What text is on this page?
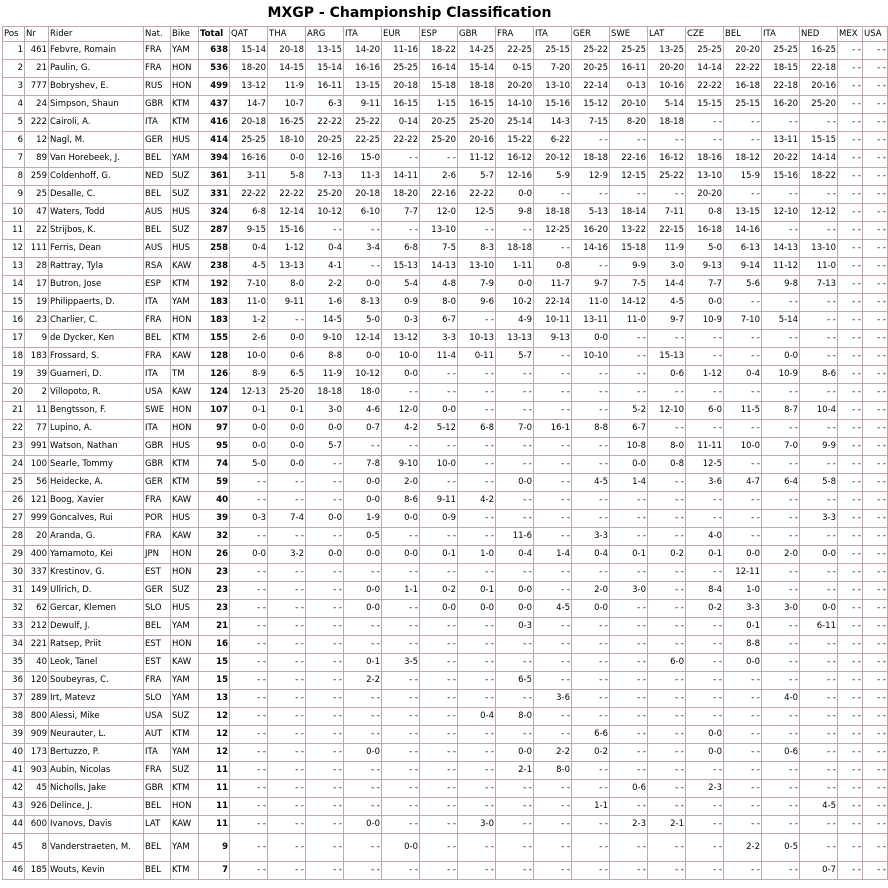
MXGP - Championship Classification
Pos	Nr	Rider	Nat.	Bike	Total	QAT	THA	ARG	ITA	EUR	ESP	GBR	FRA	ITA	GER	SWE	LAT	CZE	BEL	ITA	NED	MEX	USA
1	461	Febvre, Romain	FRA	YAM	638	15-14	20-18	13-15	14-20	11-16	18-22	14-25	22-25	25-15	25-22	25-25	13-25	25-25	20-20	25-25	16-25	- -	- -
2	21	Paulin, G.	FRA	HON	536	18-20	14-15	15-14	16-16	25-25	16-14	15-14	0-15	7-20	20-25	16-11	20-20	14-14	22-22	18-15	22-18	- -	- -
3	777	Bobryshev, E.	RUS	HON	499	13-12	11-9	16-11	13-15	20-18	15-18	18-18	20-20	13-10	22-14	0-13	10-16	22-22	16-18	22-18	20-16	- -	- -
4	24	Simpson, Shaun	GBR	KTM	437	14-7	10-7	6-3	9-11	16-15	1-15	16-15	14-10	15-16	15-12	20-10	5-14	15-15	25-15	16-20	25-20	- -	- -
5	222	Cairoli, A.	ITA	KTM	416	20-18	16-25	22-22	25-22	0-14	20-25	25-20	25-14	14-3	7-15	8-20	18-18	- -	- -	- -	- -	- -	- -
6	12	Nagl, M.	GER	HUS	414	25-25	18-10	20-25	22-25	22-22	25-20	20-16	15-22	6-22	- -	- -	- -	- -	- -	13-11	15-15	- -	- -
7	89	Van Horebeek, J.	BEL	YAM	394	16-16	0-0	12-16	15-0	- -	- -	11-12	16-12	20-12	18-18	22-16	16-12	18-16	18-12	20-22	14-14	- -	- -
8	259	Coldenhoff, G.	NED	SUZ	361	3-11	5-8	7-13	11-3	14-11	2-6	5-7	12-16	5-9	12-9	12-15	25-22	13-10	15-9	15-16	18-22	- -	- -
9	25	Desalle, C.	BEL	SUZ	331	22-22	22-22	25-20	20-18	18-20	22-16	22-22	0-0	- -	- -	- -	- -	20-20	- -	- -	- -	- -	- -
10	47	Waters, Todd	AUS	HUS	324	6-8	12-14	10-12	6-10	7-7	12-0	12-5	9-8	18-18	5-13	18-14	7-11	0-8	13-15	12-10	12-12	- -	- -
11	22	Strijbos, K.	BEL	SUZ	287	9-15	15-16	- -	- -	- -	13-10	- -	- -	12-25	16-20	13-22	22-15	16-18	14-16	- -	- -	- -	- -
12	111	Ferris, Dean	AUS	HUS	258	0-4	1-12	0-4	3-4	6-8	7-5	8-3	18-18	- -	14-16	15-18	11-9	5-0	6-13	14-13	13-10	- -	- -
13	28	Rattray, Tyla	RSA	KAW	238	4-5	13-13	4-1	- -	15-13	14-13	13-10	1-11	0-8	- -	9-9	3-0	9-13	9-14	11-12	11-0	- -	- -
14	17	Butron, Jose	ESP	KTM	192	7-10	8-0	2-2	0-0	5-4	4-8	7-9	0-0	11-7	9-7	7-5	14-4	7-7	5-6	9-8	7-13	- -	- -
15	19	Philippaerts, D.	ITA	YAM	183	11-0	9-11	1-6	8-13	0-9	8-0	9-6	10-2	22-14	11-0	14-12	4-5	0-0	- -	- -	- -	- -	- -
16	23	Charlier, C.	FRA	HON	183	1-2	- -	14-5	5-0	0-3	6-7	- -	4-9	10-11	13-11	11-0	9-7	10-9	7-10	5-14	- -	- -	- -
17	9	de Dycker, Ken	BEL	KTM	155	2-6	0-0	9-10	12-14	13-12	3-3	10-13	13-13	9-13	0-0	- -	- -	- -	- -	- -	- -	- -	- -
18	183	Frossard, S.	FRA	KAW	128	10-0	0-6	8-8	0-0	10-0	11-4	0-11	5-7	- -	10-10	- -	15-13	- -	- -	0-0	- -	- -	- -
19	39	Guarneri, D.	ITA	TM	126	8-9	6-5	11-9	10-12	0-0	- -	- -	- -	- -	- -	- -	0-6	1-12	0-4	10-9	8-6	- -	- -
20	2	Villopoto, R.	USA	KAW	124	12-13	25-20	18-18	18-0	- -	- -	- -	- -	- -	- -	- -	- -	- -	- -	- -	- -	- -	- -
21	11	Bengtsson, F.	SWE	HON	107	0-1	0-1	3-0	4-6	12-0	0-0	- -	- -	- -	- -	5-2	12-10	6-0	11-5	8-7	10-4	- -	- -
22	77	Lupino, A.	ITA	HON	97	0-0	0-0	0-0	0-7	4-2	5-12	6-8	7-0	16-1	8-8	6-7	- -	- -	- -	- -	- -	- -	- -
23	991	Watson, Nathan	GBR	HUS	95	0-0	0-0	5-7	- -	- -	- -	- -	- -	- -	- -	10-8	8-0	11-11	10-0	7-0	9-9	- -	- -
24	100	Searle, Tommy	GBR	KTM	74	5-0	0-0	- -	7-8	9-10	10-0	- -	- -	- -	- -	0-0	0-8	12-5	- -	- -	- -	- -	- -
25	56	Heidecke, A.	GER	KTM	59	- -	- -	- -	0-0	2-0	- -	- -	0-0	- -	4-5	1-4	- -	3-6	4-7	6-4	5-8	- -	- -
26	121	Boog, Xavier	FRA	KAW	40	- -	- -	- -	0-0	8-6	9-11	4-2	- -	- -	- -	- -	- -	- -	- -	- -	- -	- -	- -
27	999	Goncalves, Rui	POR	HUS	39	0-3	7-4	0-0	1-9	0-0	0-9	- -	- -	- -	- -	- -	- -	- -	- -	- -	3-3	- -	- -
28	20	Aranda, G.	FRA	KAW	32	- -	- -	- -	0-5	- -	- -	- -	11-6	- -	3-3	- -	- -	4-0	- -	- -	- -	- -	- -
29	400	Yamamoto, Kei	JPN	HON	26	0-0	3-2	0-0	0-0	0-0	0-1	1-0	0-4	1-4	0-4	0-1	0-2	0-1	0-0	2-0	0-0	- -	- -
30	337	Krestinov, G.	EST	HON	23	- -	- -	- -	- -	- -	- -	- -	- -	- -	- -	- -	- -	- -	12-11	- -	- -	- -	- -
31	149	Ullrich, D.	GER	SUZ	23	- -	- -	- -	0-0	1-1	0-2	0-1	0-0	- -	2-0	3-0	- -	8-4	1-0	- -	- -	- -	- -
32	62	Gercar, Klemen	SLO	HUS	23	- -	- -	- -	0-0	- -	0-0	0-0	0-0	4-5	0-0	- -	- -	0-2	3-3	3-0	0-0	- -	- -
33	212	Dewulf, J.	BEL	YAM	21	- -	- -	- -	- -	- -	- -	- -	0-3	- -	- -	- -	- -	- -	0-1	- -	6-11	- -	- -
34	221	Ratsep, Priit	EST	HON	16	- -	- -	- -	- -	- -	- -	- -	- -	- -	- -	- -	- -	- -	8-8	- -	- -	- -	- -
35	40	Leok, Tanel	EST	KAW	15	- -	- -	- -	0-1	3-5	- -	- -	- -	- -	- -	- -	6-0	- -	0-0	- -	- -	- -	- -
36	120	Soubeyras, C.	FRA	YAM	15	- -	- -	- -	2-2	- -	- -	- -	6-5	- -	- -	- -	- -	- -	- -	- -	- -	- -	- -
37	289	Irt, Matevz	SLO	YAM	13	- -	- -	- -	- -	- -	- -	- -	- -	3-6	- -	- -	- -	- -	- -	4-0	- -	- -	- -
38	800	Alessi, Mike	USA	SUZ	12	- -	- -	- -	- -	- -	- -	0-4	8-0	- -	- -	- -	- -	- -	- -	- -	- -	- -	- -
39	909	Neurauter, L.	AUT	KTM	12	- -	- -	- -	- -	- -	- -	- -	- -	- -	6-6	- -	- -	0-0	- -	- -	- -	- -	- -
40	173	Bertuzzo, P.	ITA	YAM	12	- -	- -	- -	0-0	- -	- -	- -	0-0	2-2	0-2	- -	- -	0-0	- -	0-6	- -	- -	- -
41	903	Aubin, Nicolas	FRA	SUZ	11	- -	- -	- -	- -	- -	- -	- -	2-1	8-0	- -	- -	- -	- -	- -	- -	- -	- -	- -
42	45	Nicholls, Jake	GBR	KTM	11	- -	- -	- -	- -	- -	- -	- -	- -	- -	- -	0-6	- -	2-3	- -	- -	- -	- -	- -
43	926	Delince, J.	BEL	HON	11	- -	- -	- -	- -	- -	- -	- -	- -	- -	1-1	- -	- -	- -	- -	- -	4-5	- -	- -
44	600	Ivanovs, Davis	LAT	KAW	11	- -	- -	- -	0-0	- -	- -	3-0	- -	- -	- -	2-3	2-1	- -	- -	- -	- -	- -	- -
45	8	Vanderstraeten, M.	BEL	YAM	9	- -	- -	- -	- -	0-0	- -	- -	- -	- -	- -	- -	- -	- -	2-2	0-5	- -	- -	- -
46	185	Wouts, Kevin	BEL	KTM	7	- -	- -	- -	- -	- -	- -	- -	- -	- -	- -	- -	- -	- -	- -	- -	0-7	- -	- -
